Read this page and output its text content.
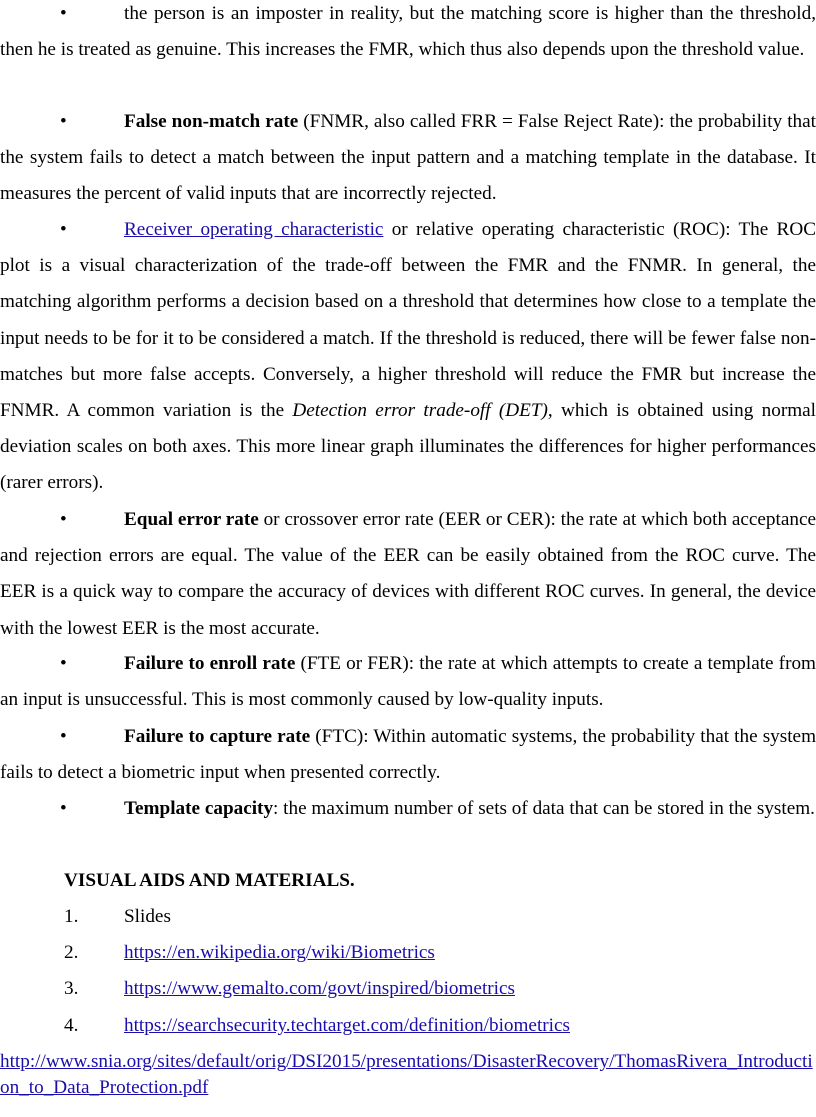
•	the person is an imposter in reality, but the matching score is higher than the threshold, then he is treated as genuine. This increases the FMR, which thus also depends upon the threshold value.
•	False non-match rate (FNMR, also called FRR = False Reject Rate): the probability that the system fails to detect a match between the input pattern and a matching template in the database. It measures the percent of valid inputs that are incorrectly rejected.
•	Receiver operating characteristic or relative operating characteristic (ROC): The ROC plot is a visual characterization of the trade-off between the FMR and the FNMR. In general, the matching algorithm performs a decision based on a threshold that determines how close to a template the input needs to be for it to be considered a match. If the threshold is reduced, there will be fewer false non-matches but more false accepts. Conversely, a higher threshold will reduce the FMR but increase the FNMR. A common variation is the Detection error trade-off (DET), which is obtained using normal deviation scales on both axes. This more linear graph illuminates the differences for higher performances (rarer errors).
•	Equal error rate or crossover error rate (EER or CER): the rate at which both acceptance and rejection errors are equal. The value of the EER can be easily obtained from the ROC curve. The EER is a quick way to compare the accuracy of devices with different ROC curves. In general, the device with the lowest EER is the most accurate.
•	Failure to enroll rate (FTE or FER): the rate at which attempts to create a template from an input is unsuccessful. This is most commonly caused by low-quality inputs.
•	Failure to capture rate (FTC): Within automatic systems, the probability that the system fails to detect a biometric input when presented correctly.
•	Template capacity: the maximum number of sets of data that can be stored in the system.
VISUAL AIDS AND MATERIALS.
1. Slides
2. https://en.wikipedia.org/wiki/Biometrics
3. https://www.gemalto.com/govt/inspired/biometrics
4. https://searchsecurity.techtarget.com/definition/biometrics
http://www.snia.org/sites/default/orig/DSI2015/presentations/DisasterRecovery/ThomasRivera_Introduction_to_Data_Protection.pdf
